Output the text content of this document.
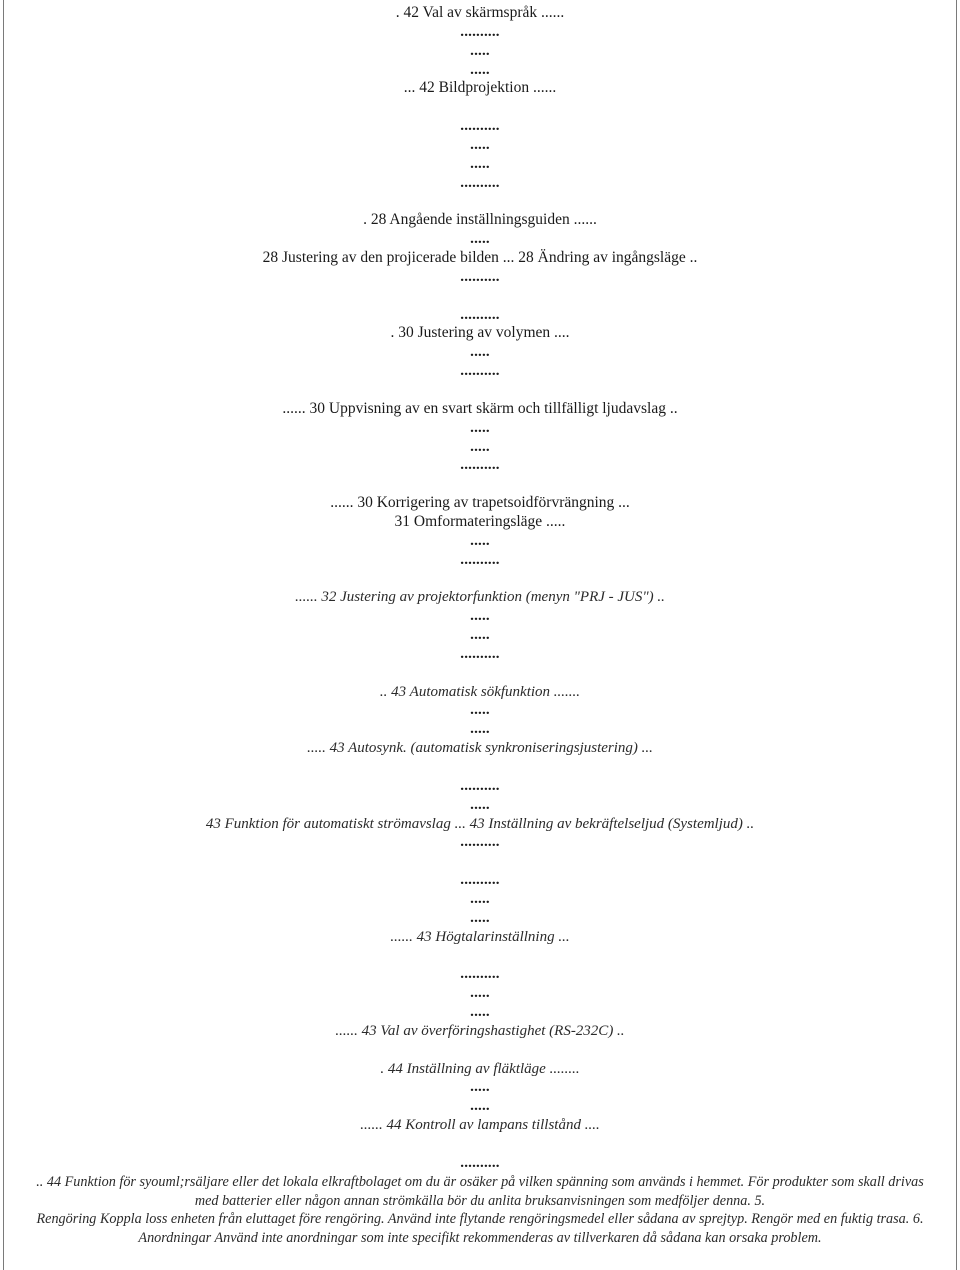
. 42 Val av skärmspråk ......
..........
.....
.....
... 42 Bildprojektion ......
..........
.....
.....
..........
. 28 Angående inställningsguiden ......
.....
28 Justering av den projicerade bilden ... 28 Ändring av ingångsläge ..
..........
..........
. 30 Justering av volymen ....
.....
..........
...... 30 Uppvisning av en svart skärm och tillfälligt ljudavslag ..
.....
.....
..........
...... 30 Korrigering av trapetsoidförvrängning ...
31 Omformateringsläge .....
.....
..........
...... 32 Justering av projektorfunktion (menyn "PRJ - JUS") ..
.....
.....
..........
.. 43 Automatisk sökfunktion .......
.....
.....
..... 43 Autosynk. (automatisk synkroniseringsjustering) ...
..........
.....
43 Funktion för automatiskt strömavslag ... 43 Inställning av bekräftelseljud (Systemljud) ..
..........
..........
.....
.....
...... 43 Högtalarinställning ...
..........
.....
.....
...... 43 Val av överföringshastighet (RS-232C) ..
. 44 Inställning av fläktläge ........
.....
.....
...... 44 Kontroll av lampans tillstånd ....
..........
.. 44 Funktion för syouml;rsäljare eller det lokala elkraftbolaget om du är osäker på vilken spänning som används i hemmet. För produkter som skall drivas
med batterier eller någon annan strömkälla bör du anlita bruksanvisningen som medföljer denna. 5.
Rengöring Koppla loss enheten från eluttaget före rengöring. Använd inte flytande rengöringsmedel eller sådana av sprejtyp. Rengör med en fuktig trasa. 6.
Anordningar Använd inte anordningar som inte specifikt rekommenderas av tillverkaren då sådana kan orsaka problem.
